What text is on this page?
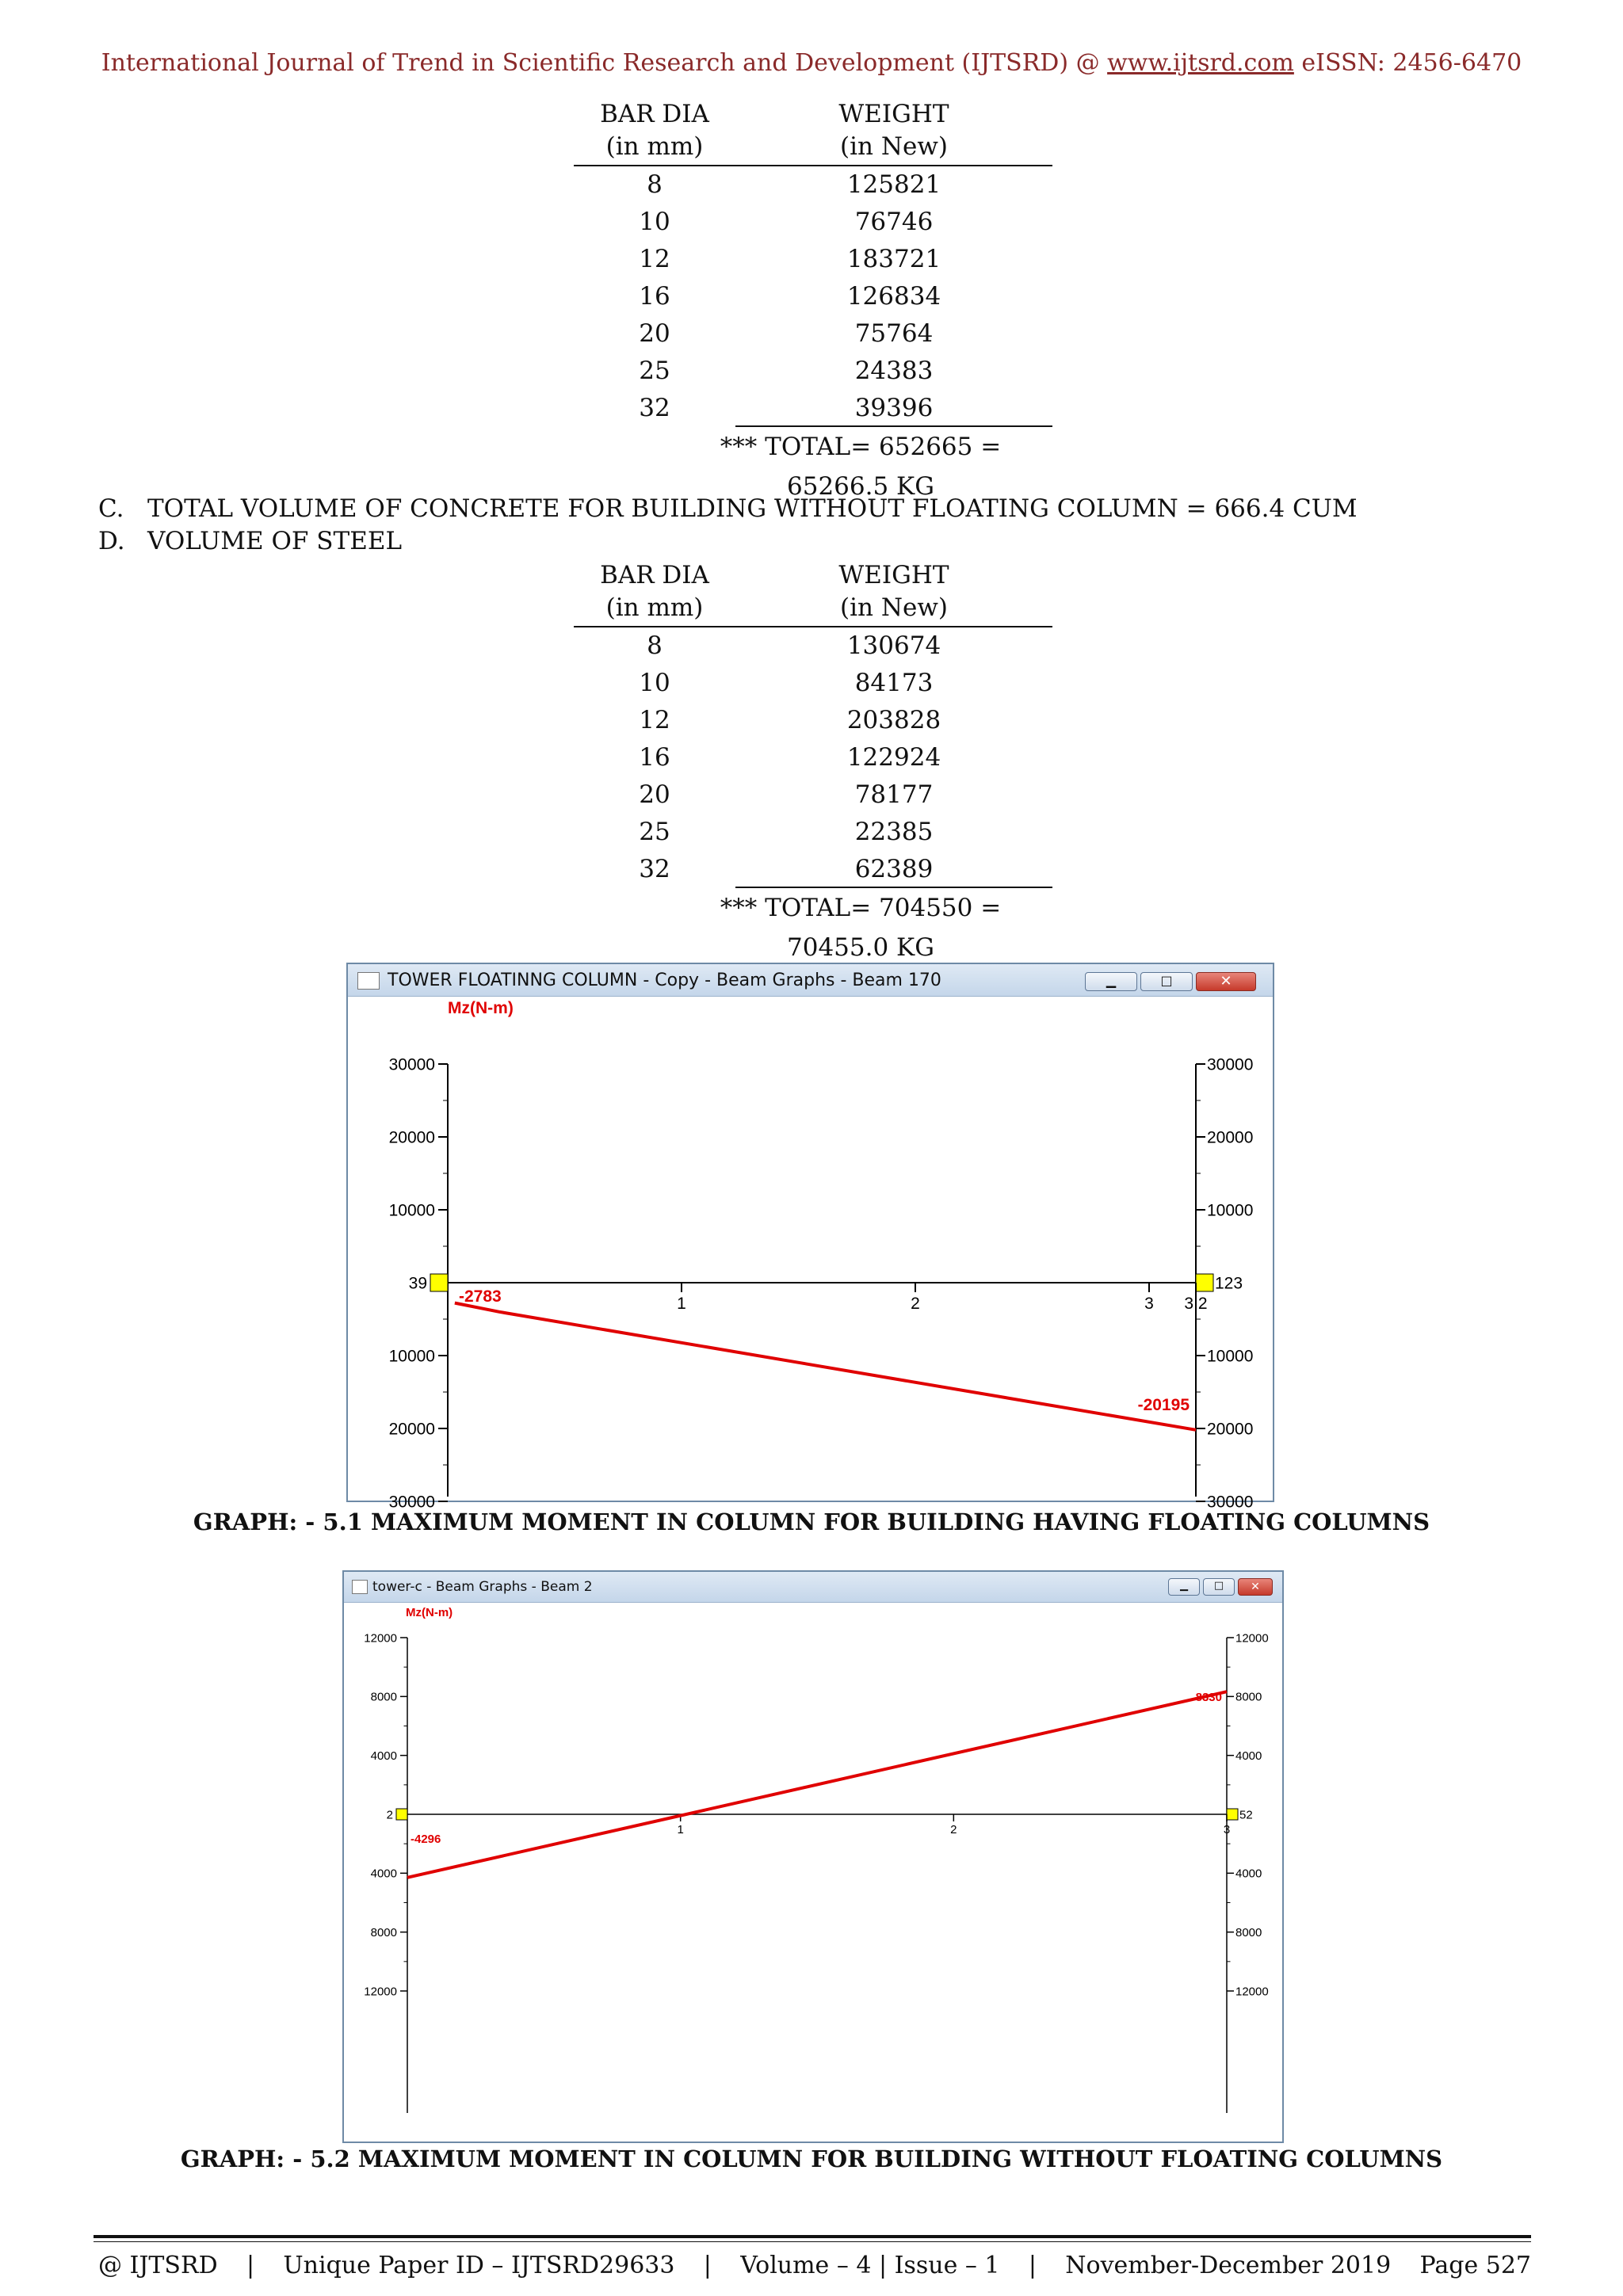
International Journal of Trend in Scientific Research and Development (IJTSRD) @ www.ijtsrd.com eISSN: 2456-6470
BAR DIA
(in mm)
WEIGHT
(in New)
8	125821
10	76746
12	183721
16	126834
20	75764
25	24383
32	39396
*** TOTAL= 652665 = 65266.5 KG
C. TOTAL VOLUME OF CONCRETE FOR BUILDING WITHOUT FLOATING COLUMN = 666.4 CUM
D. VOLUME OF STEEL
BAR DIA
(in mm)
WEIGHT
(in New)
8	130674
10	84173
12	203828
16	122924
20	78177
25	22385
32	62389
*** TOTAL= 704550 = 70455.0 KG
TOWER FLOATINNG COLUMN - Copy - Beam Graphs - Beam 170	▁	□	✕
Mz(N-m)
30000	30000
20000	20000
10000	10000
10000	10000
20000	20000
30000	30000
39	123
1	2	3 3.2
-2783
-20195
GRAPH: - 5.1 MAXIMUM MOMENT IN COLUMN FOR BUILDING HAVING FLOATING COLUMNS
tower-c - Beam Graphs - Beam 2	▁	□	✕
Mz(N-m)
12000	12000
8000	8000
4000	4000
4000	4000
8000	8000
12000	12000
2	52
1	2	3
-4296
8330
GRAPH: - 5.2 MAXIMUM MOMENT IN COLUMN FOR BUILDING WITHOUT FLOATING COLUMNS
@ IJTSRD | Unique Paper ID – IJTSRD29633 | Volume – 4 | Issue – 1 | November-December 2019 Page 527
